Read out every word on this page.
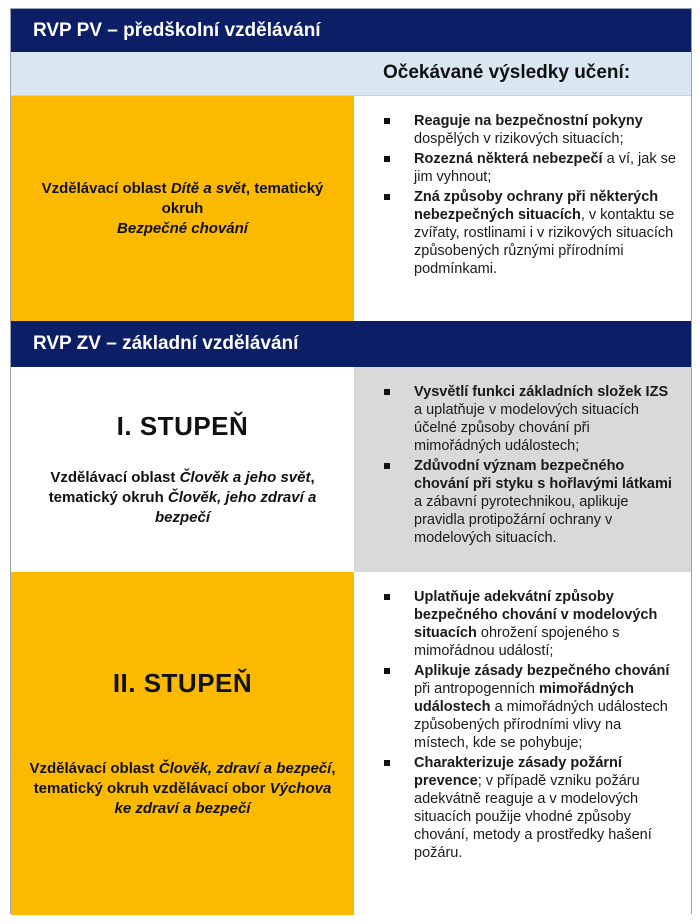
RVP PV – předškolní vzdělávání
Očekávané výsledky učení:
Vzdělávací oblast Dítě a svět, tematický okruh
Bezpečné chování
Reaguje na bezpečnostní pokyny dospělých v rizikových situacích;
Rozezná některá nebezpečí a ví, jak se jim vyhnout;
Zná způsoby ochrany při některých nebezpečných situacích, v kontaktu se zvířaty, rostlinami i v rizikových situacích způsobených různými přírodními podmínkami.
RVP ZV – základní vzdělávání
I. STUPEŇ
Vzdělávací oblast Člověk a jeho svět, tematický okruh Člověk, jeho zdraví a bezpečí
Vysvětlí funkci základních složek IZS a uplatňuje v modelových situacích účelné způsoby chování při mimořádných událostech;
Zdůvodní význam bezpečného chování při styku s hořlavými látkami a zábavní pyrotechnikou, aplikuje pravidla protipožární ochrany v modelových situacích.
II. STUPEŇ
Vzdělávací oblast Člověk, zdraví a bezpečí, tematický okruh vzdělávací obor Výchova ke zdraví a bezpečí
Uplatňuje adekvátní způsoby bezpečného chování v modelových situacích ohrožení spojeného s mimořádnou událostí;
Aplikuje zásady bezpečného chování při antropogenních mimořádných událostech a mimořádných událostech způsobených přírodními vlivy na místech, kde se pohybuje;
Charakterizuje zásady požární prevence; v případě vzniku požáru adekvátně reaguje a v modelových situacích použije vhodné způsoby chování, metody a prostředky hašení požáru.
